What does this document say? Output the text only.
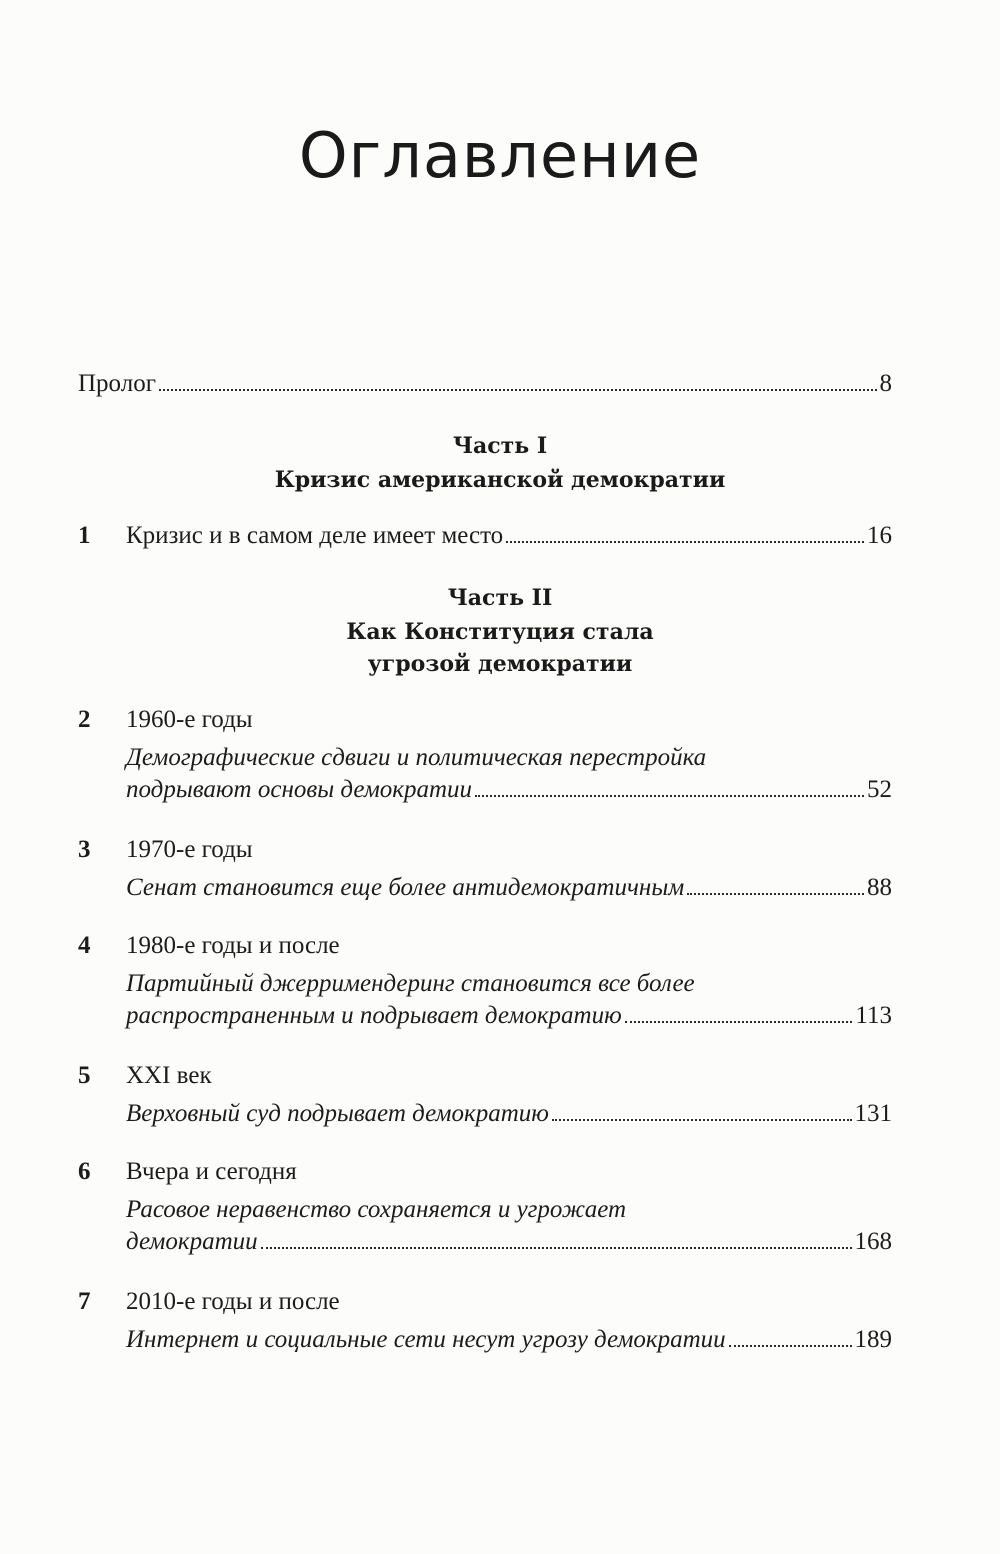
Оглавление
Пролог	8
Часть I
Кризис американской демократии
1 Кризис и в самом деле имеет место	16
Часть II
Как Конституция стала
угрозой демократии
2 1960-е годы
Демографические сдвиги и политическая перестройка
подрывают основы демократии	52
3 1970-е годы
Сенат становится еще более антидемократичным	88
4 1980-е годы и после
Партийный джерримендеринг становится все более
распространенным и подрывает демократию	113
5 XXI век
Верховный суд подрывает демократию	131
6 Вчера и сегодня
Расовое неравенство сохраняется и угрожает
демократии	168
7 2010-е годы и после
Интернет и социальные сети несут угрозу демократии	189
